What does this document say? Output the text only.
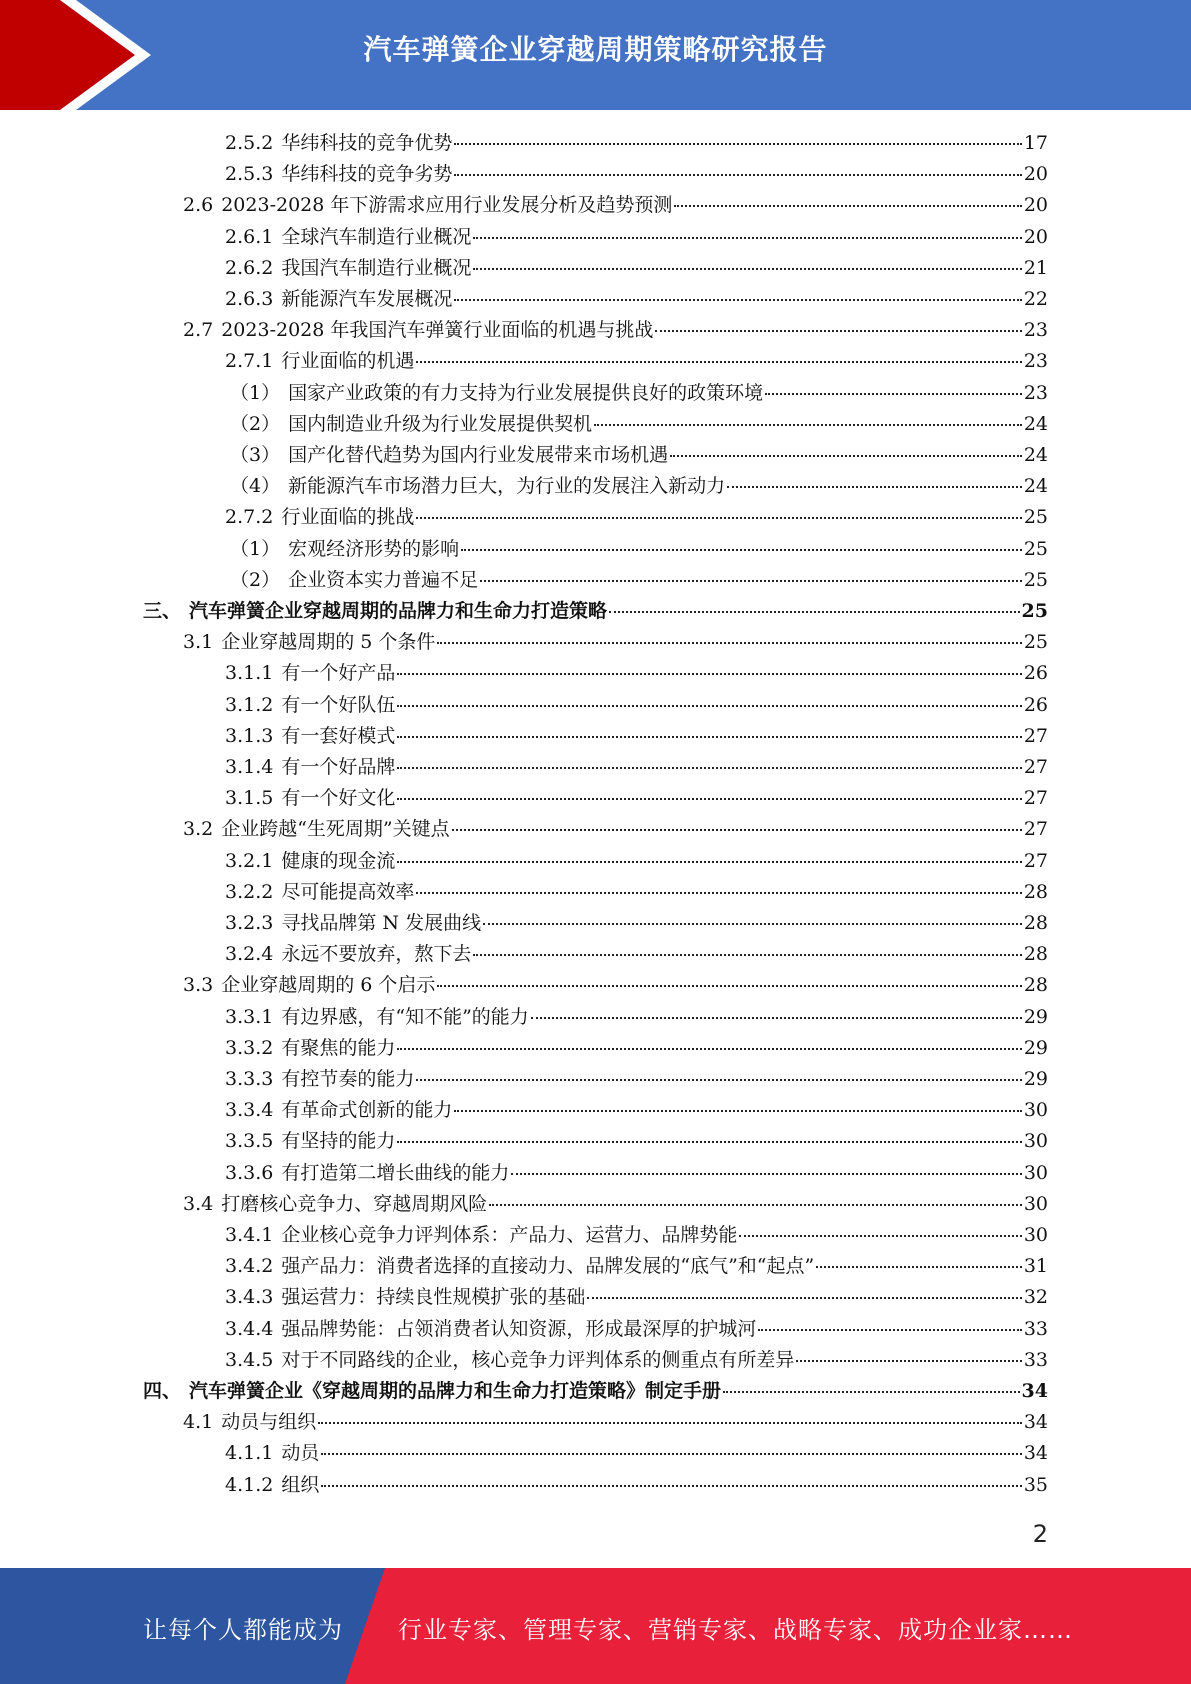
汽车弹簧企业穿越周期策略研究报告
2.5.2 华纬科技的竞争优势	17
2.5.3 华纬科技的竞争劣势	20
2.6 2023-2028 年下游需求应用行业发展分析及趋势预测	20
2.6.1 全球汽车制造行业概况	20
2.6.2 我国汽车制造行业概况	21
2.6.3 新能源汽车发展概况	22
2.7 2023-2028 年我国汽车弹簧行业面临的机遇与挑战	23
2.7.1 行业面临的机遇	23
（1） 国家产业政策的有力支持为行业发展提供良好的政策环境	23
（2） 国内制造业升级为行业发展提供契机	24
（3） 国产化替代趋势为国内行业发展带来市场机遇	24
（4） 新能源汽车市场潜力巨大，为行业的发展注入新动力	24
2.7.2 行业面临的挑战	25
（1） 宏观经济形势的影响	25
（2） 企业资本实力普遍不足	25
三、 汽车弹簧企业穿越周期的品牌力和生命力打造策略	25
3.1 企业穿越周期的 5 个条件	25
3.1.1 有一个好产品	26
3.1.2 有一个好队伍	26
3.1.3 有一套好模式	27
3.1.4 有一个好品牌	27
3.1.5 有一个好文化	27
3.2 企业跨越“生死周期”关键点	27
3.2.1 健康的现金流	27
3.2.2 尽可能提高效率	28
3.2.3 寻找品牌第 N 发展曲线	28
3.2.4 永远不要放弃，熬下去	28
3.3 企业穿越周期的 6 个启示	28
3.3.1 有边界感，有“知不能”的能力	29
3.3.2 有聚焦的能力	29
3.3.3 有控节奏的能力	29
3.3.4 有革命式创新的能力	30
3.3.5 有坚持的能力	30
3.3.6 有打造第二增长曲线的能力	30
3.4 打磨核心竞争力、穿越周期风险	30
3.4.1 企业核心竞争力评判体系：产品力、运营力、品牌势能	30
3.4.2 强产品力：消费者选择的直接动力、品牌发展的“底气”和“起点”	31
3.4.3 强运营力：持续良性规模扩张的基础	32
3.4.4 强品牌势能：占领消费者认知资源，形成最深厚的护城河	33
3.4.5 对于不同路线的企业，核心竞争力评判体系的侧重点有所差异	33
四、 汽车弹簧企业《穿越周期的品牌力和生命力打造策略》制定手册	34
4.1 动员与组织	34
4.1.1 动员	34
4.1.2 组织	35
2
让每个人都能成为 行业专家、管理专家、营销专家、战略专家、成功企业家……
